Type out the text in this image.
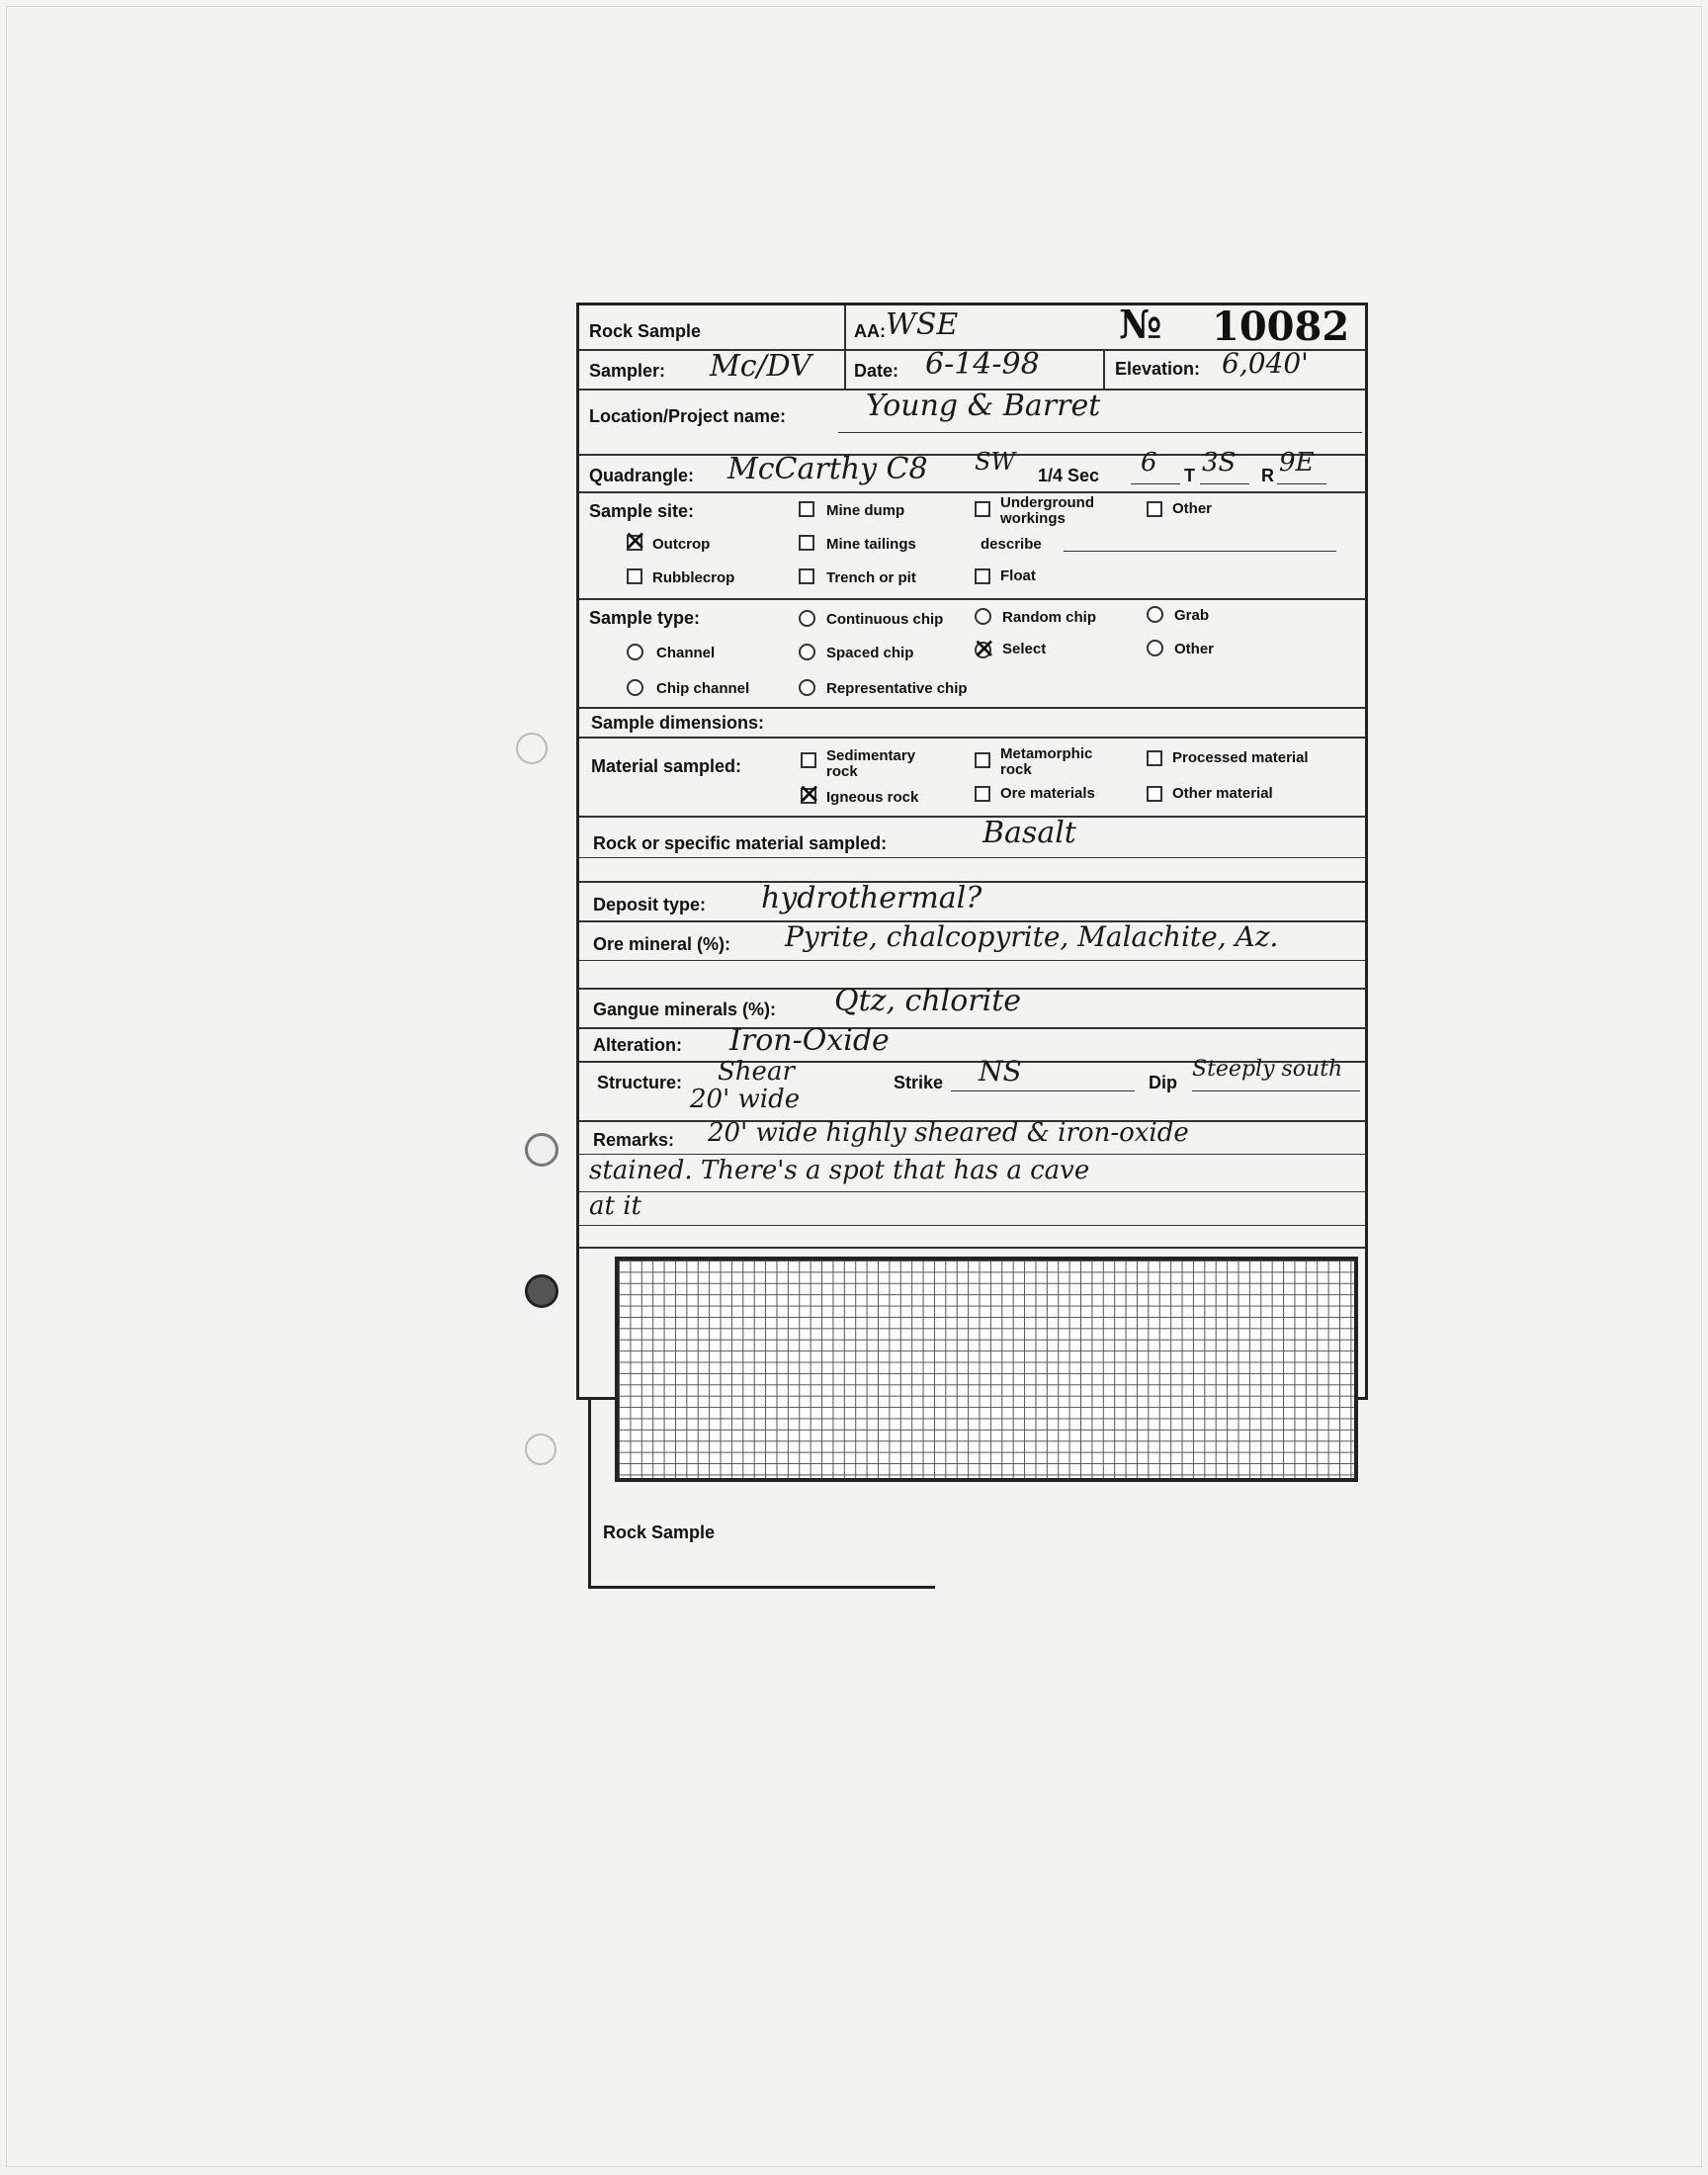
Rock Sample	AA: WSE	№ 10082
Sampler: Mc/DV Date: 6-14-98	Elevation: 6,040'
Location/Project name:	Young & Barret
Quadrangle: McCarthy C8 SW 1/4 Sec 6 T 3S R 9E
Sample site:
✕ Outcrop
Rubblecrop
Mine dump
Mine tailings
Trench or pit
Underground workings
Float
Other
describe
Sample type:
Channel
Chip channel
Continuous chip
Spaced chip
Representative chip
Random chip
✕ Select
Grab
Other
Sample dimensions:
Material sampled:
Sedimentary rock
✕ Igneous rock
Metamorphic rock
Ore materials
Processed material
Other material
Rock or specific material sampled:	Basalt
Deposit type: hydrothermal?
Ore mineral (%): Pyrite, chalcopyrite, Malachite, Az.
Gangue minerals (%): Qtz, chlorite
Alteration: Iron-Oxide
Structure: Shear
20' wide
Strike NS	Dip
Steeply south
Remarks: 20' wide highly sheared & iron-oxide
stained. There's a spot that has a cave
at it
Rock Sample
